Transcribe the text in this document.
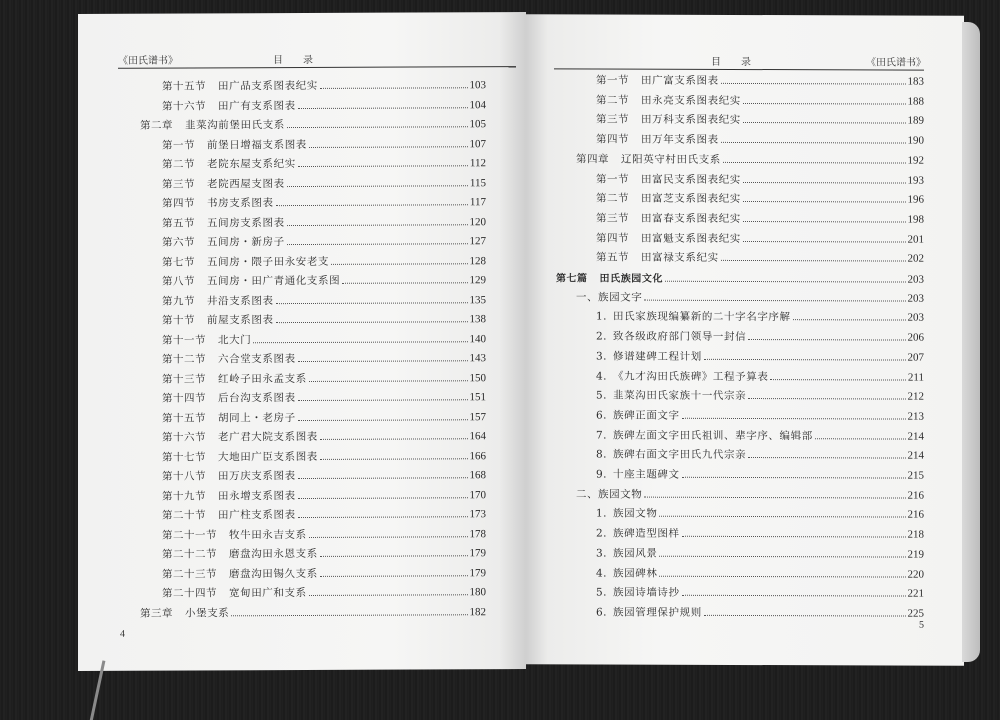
《田氏谱书》	目　　录
第十五节 田广品支系图表纪实	103
第十六节 田广有支系图表	104
第二章 韭菜沟前堡田氏支系	105
第一节 前堡日增福支系图表	107
第二节 老院东屋支系纪实	112
第三节 老院西屋支图表	115
第四节 书房支系图表	117
第五节 五间房支系图表	120
第六节 五间房・新房子	127
第七节 五间房・隈子田永安老支	128
第八节 五间房・田广青通化支系图	129
第九节 井沿支系图表	135
第十节 前屋支系图表	138
第十一节 北大门	140
第十二节 六合堂支系图表	143
第十三节 红岭子田永孟支系	150
第十四节 后台沟支系图表	151
第十五节 胡同上・老房子	157
第十六节 老广君大院支系图表	164
第十七节 大地田广臣支系图表	166
第十八节 田万庆支系图表	168
第十九节 田永增支系图表	170
第二十节 田广柱支系图表	173
第二十一节 牧牛田永吉支系	178
第二十二节 磨盘沟田永恩支系	179
第二十三节 磨盘沟田锡久支系	179
第二十四节 宽甸田广和支系	180
第三章 小堡支系	182
4
目　　录	《田氏谱书》
第一节 田广富支系图表	183
第二节 田永亮支系图表纪实	188
第三节 田万科支系图表纪实	189
第四节 田万年支系图表	190
第四章 辽阳英守村田氏支系	192
第一节 田富民支系图表纪实	193
第二节 田富芝支系图表纪实	196
第三节 田富春支系图表纪实	198
第四节 田富魁支系图表纪实	201
第五节 田富禄支系纪实	202
第七篇 田氏族园文化	203
一、 族园文字	203
1. 田氏家族现编纂新的二十字名字序解	203
2. 致各级政府部门领导一封信	206
3. 修谱建碑工程计划	207
4. 《九才沟田氏族碑》工程予算表	211
5. 韭菜沟田氏家族十一代宗亲	212
6. 族碑正面文字	213
7. 族碑左面文字田氏祖训、辈字序、编辑部	214
8. 族碑右面文字田氏九代宗亲	214
9. 十座主题碑文	215
二、 族园文物	216
1. 族园文物	216
2. 族碑造型图样	218
3. 族园风景	219
4. 族园碑林	220
5. 族园诗墙诗抄	221
6. 族园管理保护规则	225
5
